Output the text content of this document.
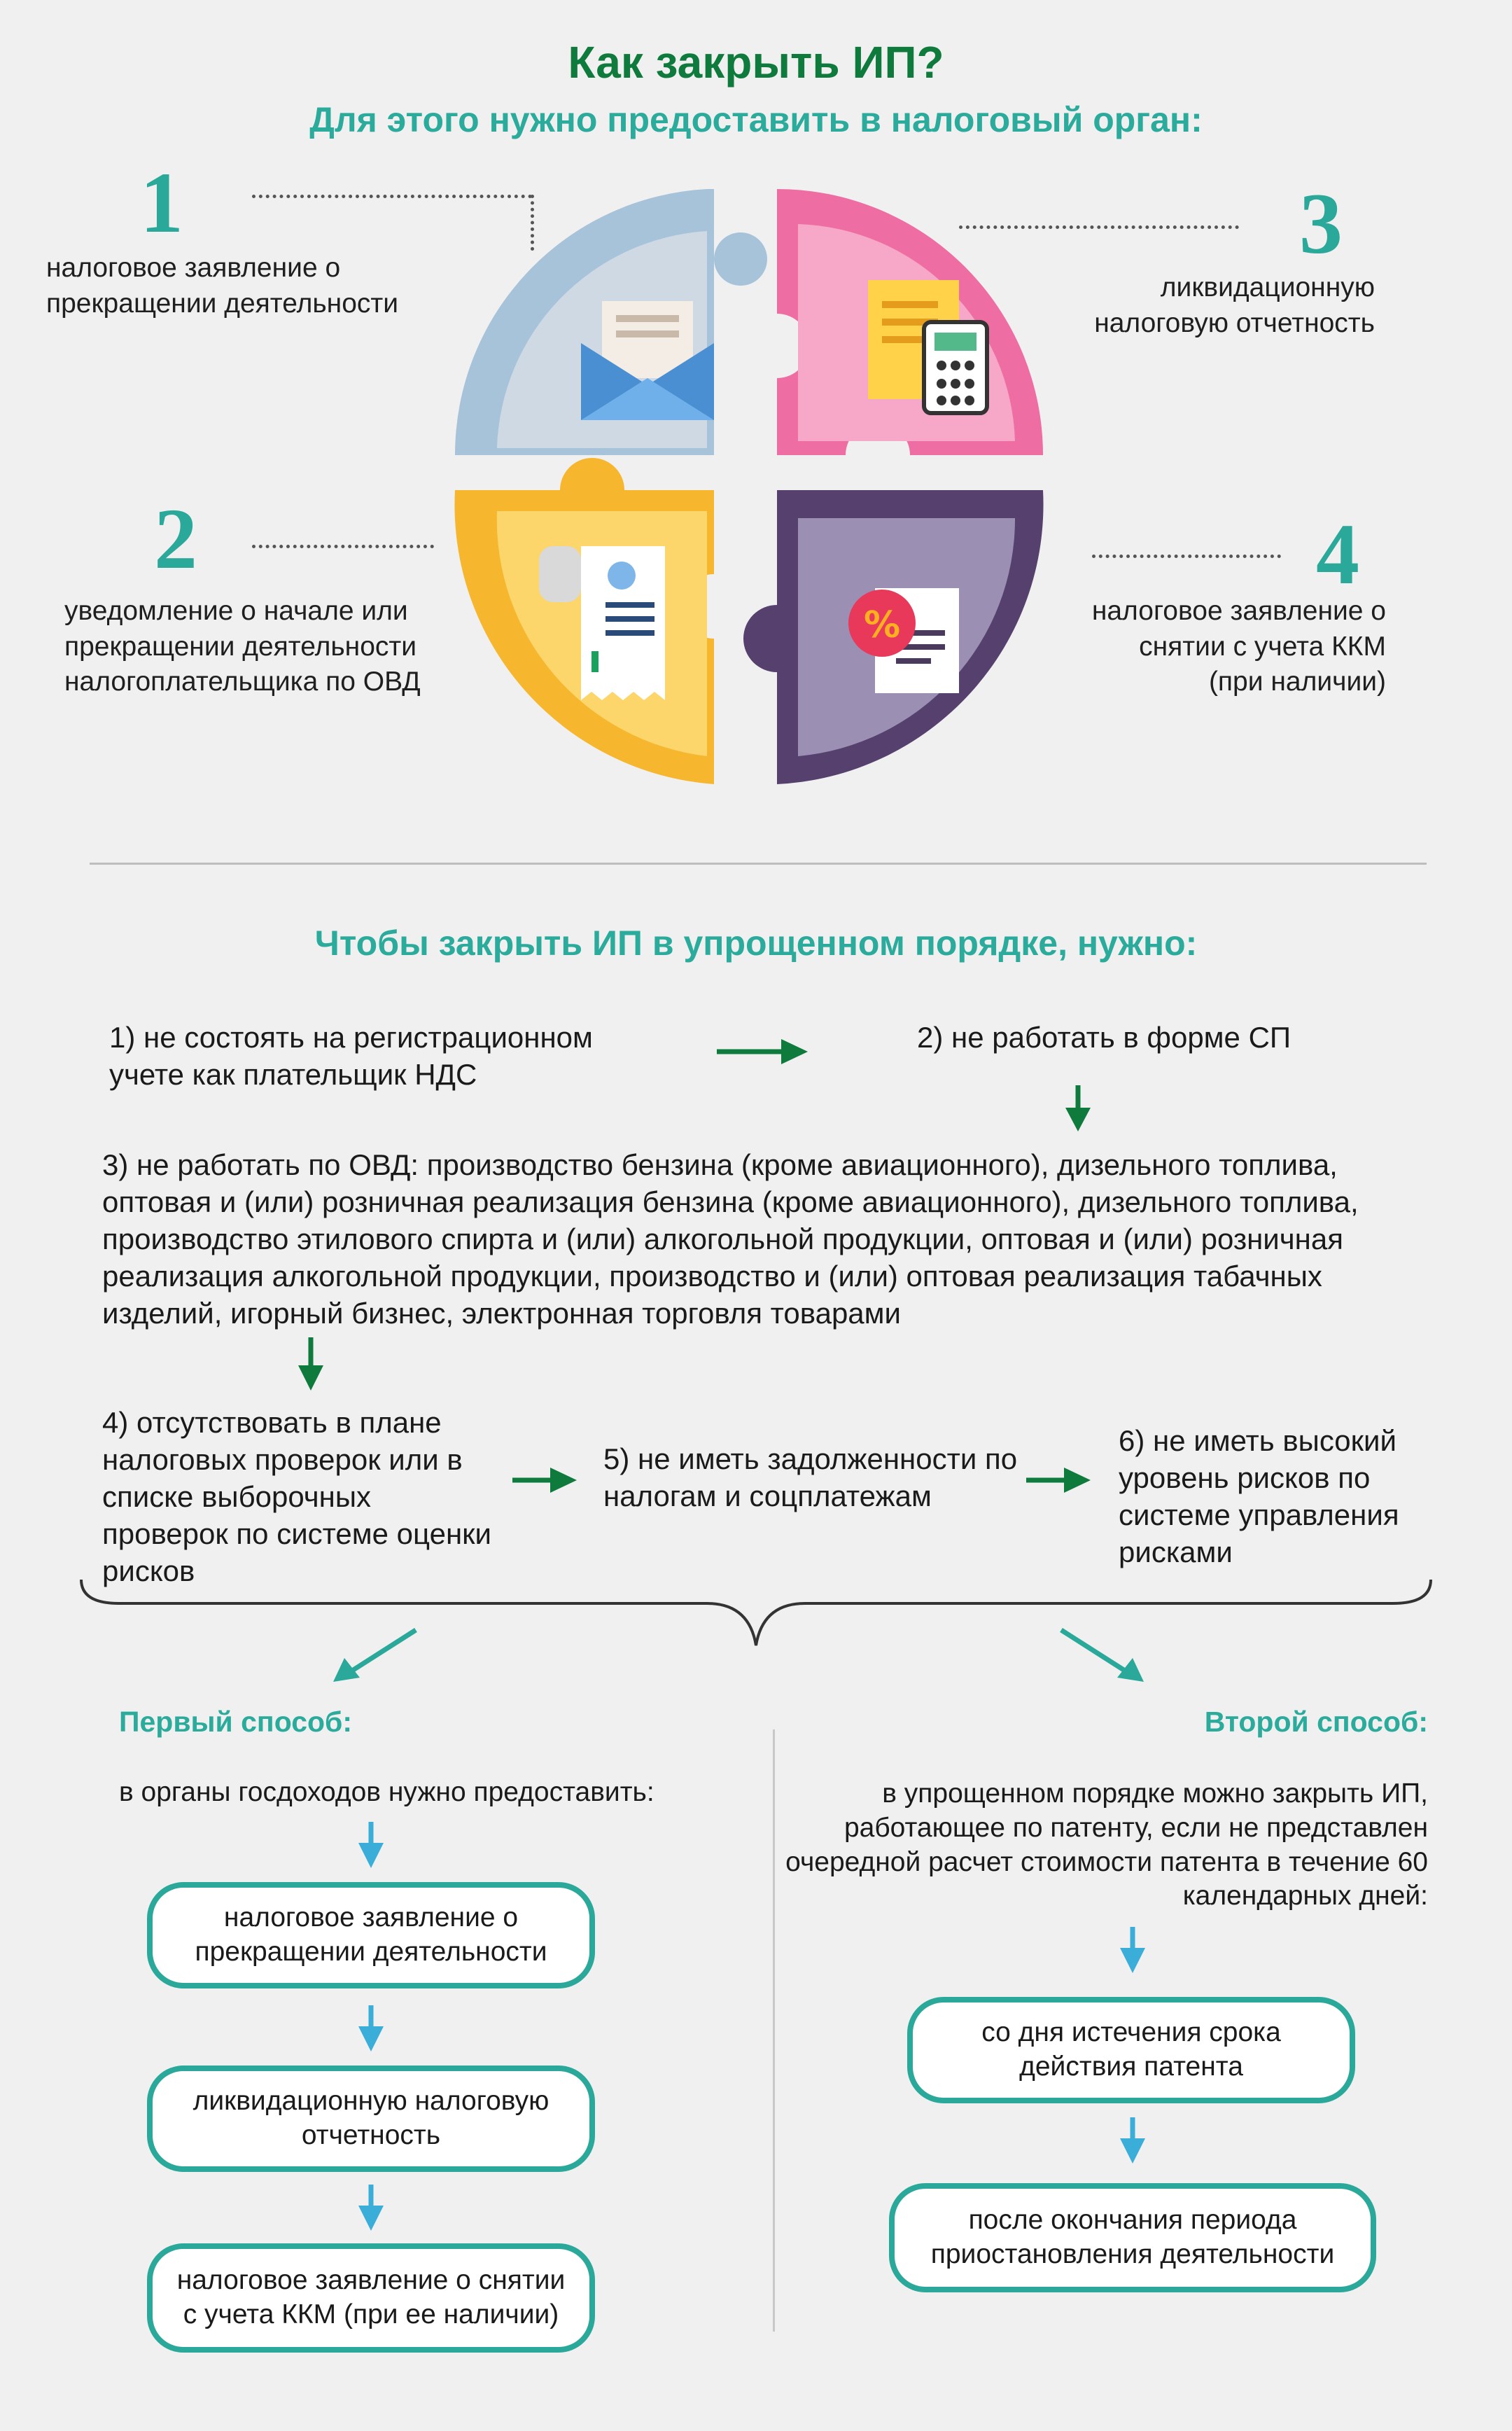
Как закрыть ИП?
Для этого нужно предоставить в налоговый орган:
%
1
налоговое заявление о прекращении деятельности
2
уведомление о начале или прекращении деятельности налогоплательщика по ОВД
3
ликвидационную налоговую отчетность
4
налоговое заявление о снятии с учета ККМ (при наличии)
Чтобы закрыть ИП в упрощенном порядке, нужно:
1) не состоять на регистрационном учете как плательщик НДС
2) не работать в форме СП
3) не работать по ОВД: производство бензина (кроме авиационного), дизельного топлива, оптовая и (или) розничная реализация бензина (кроме авиационного), дизельного топлива, производство этилового спирта и (или) алкогольной продукции, оптовая и (или) розничная реализация алкогольной продукции, производство и (или) оптовая реализация табачных изделий, игорный бизнес, электронная торговля товарами
4) отсутствовать в плане налоговых проверок или в списке выборочных проверок по системе оценки рисков
5) не иметь задолженности по налогам и соцплатежам
6) не иметь высокий уровень рисков по системе управления рисками
Первый способ:
в органы госдоходов нужно предоставить:
налоговое заявление о прекращении деятельности
ликвидационную налоговую отчетность
налоговое заявление о снятии с учета ККМ (при ее наличии)
Второй способ:
в упрощенном порядке можно закрыть ИП, работающее по патенту, если не представлен очередной расчет стоимости патента в течение 60 календарных дней:
со дня истечения срока действия патента
после окончания периода приостановления деятельности
